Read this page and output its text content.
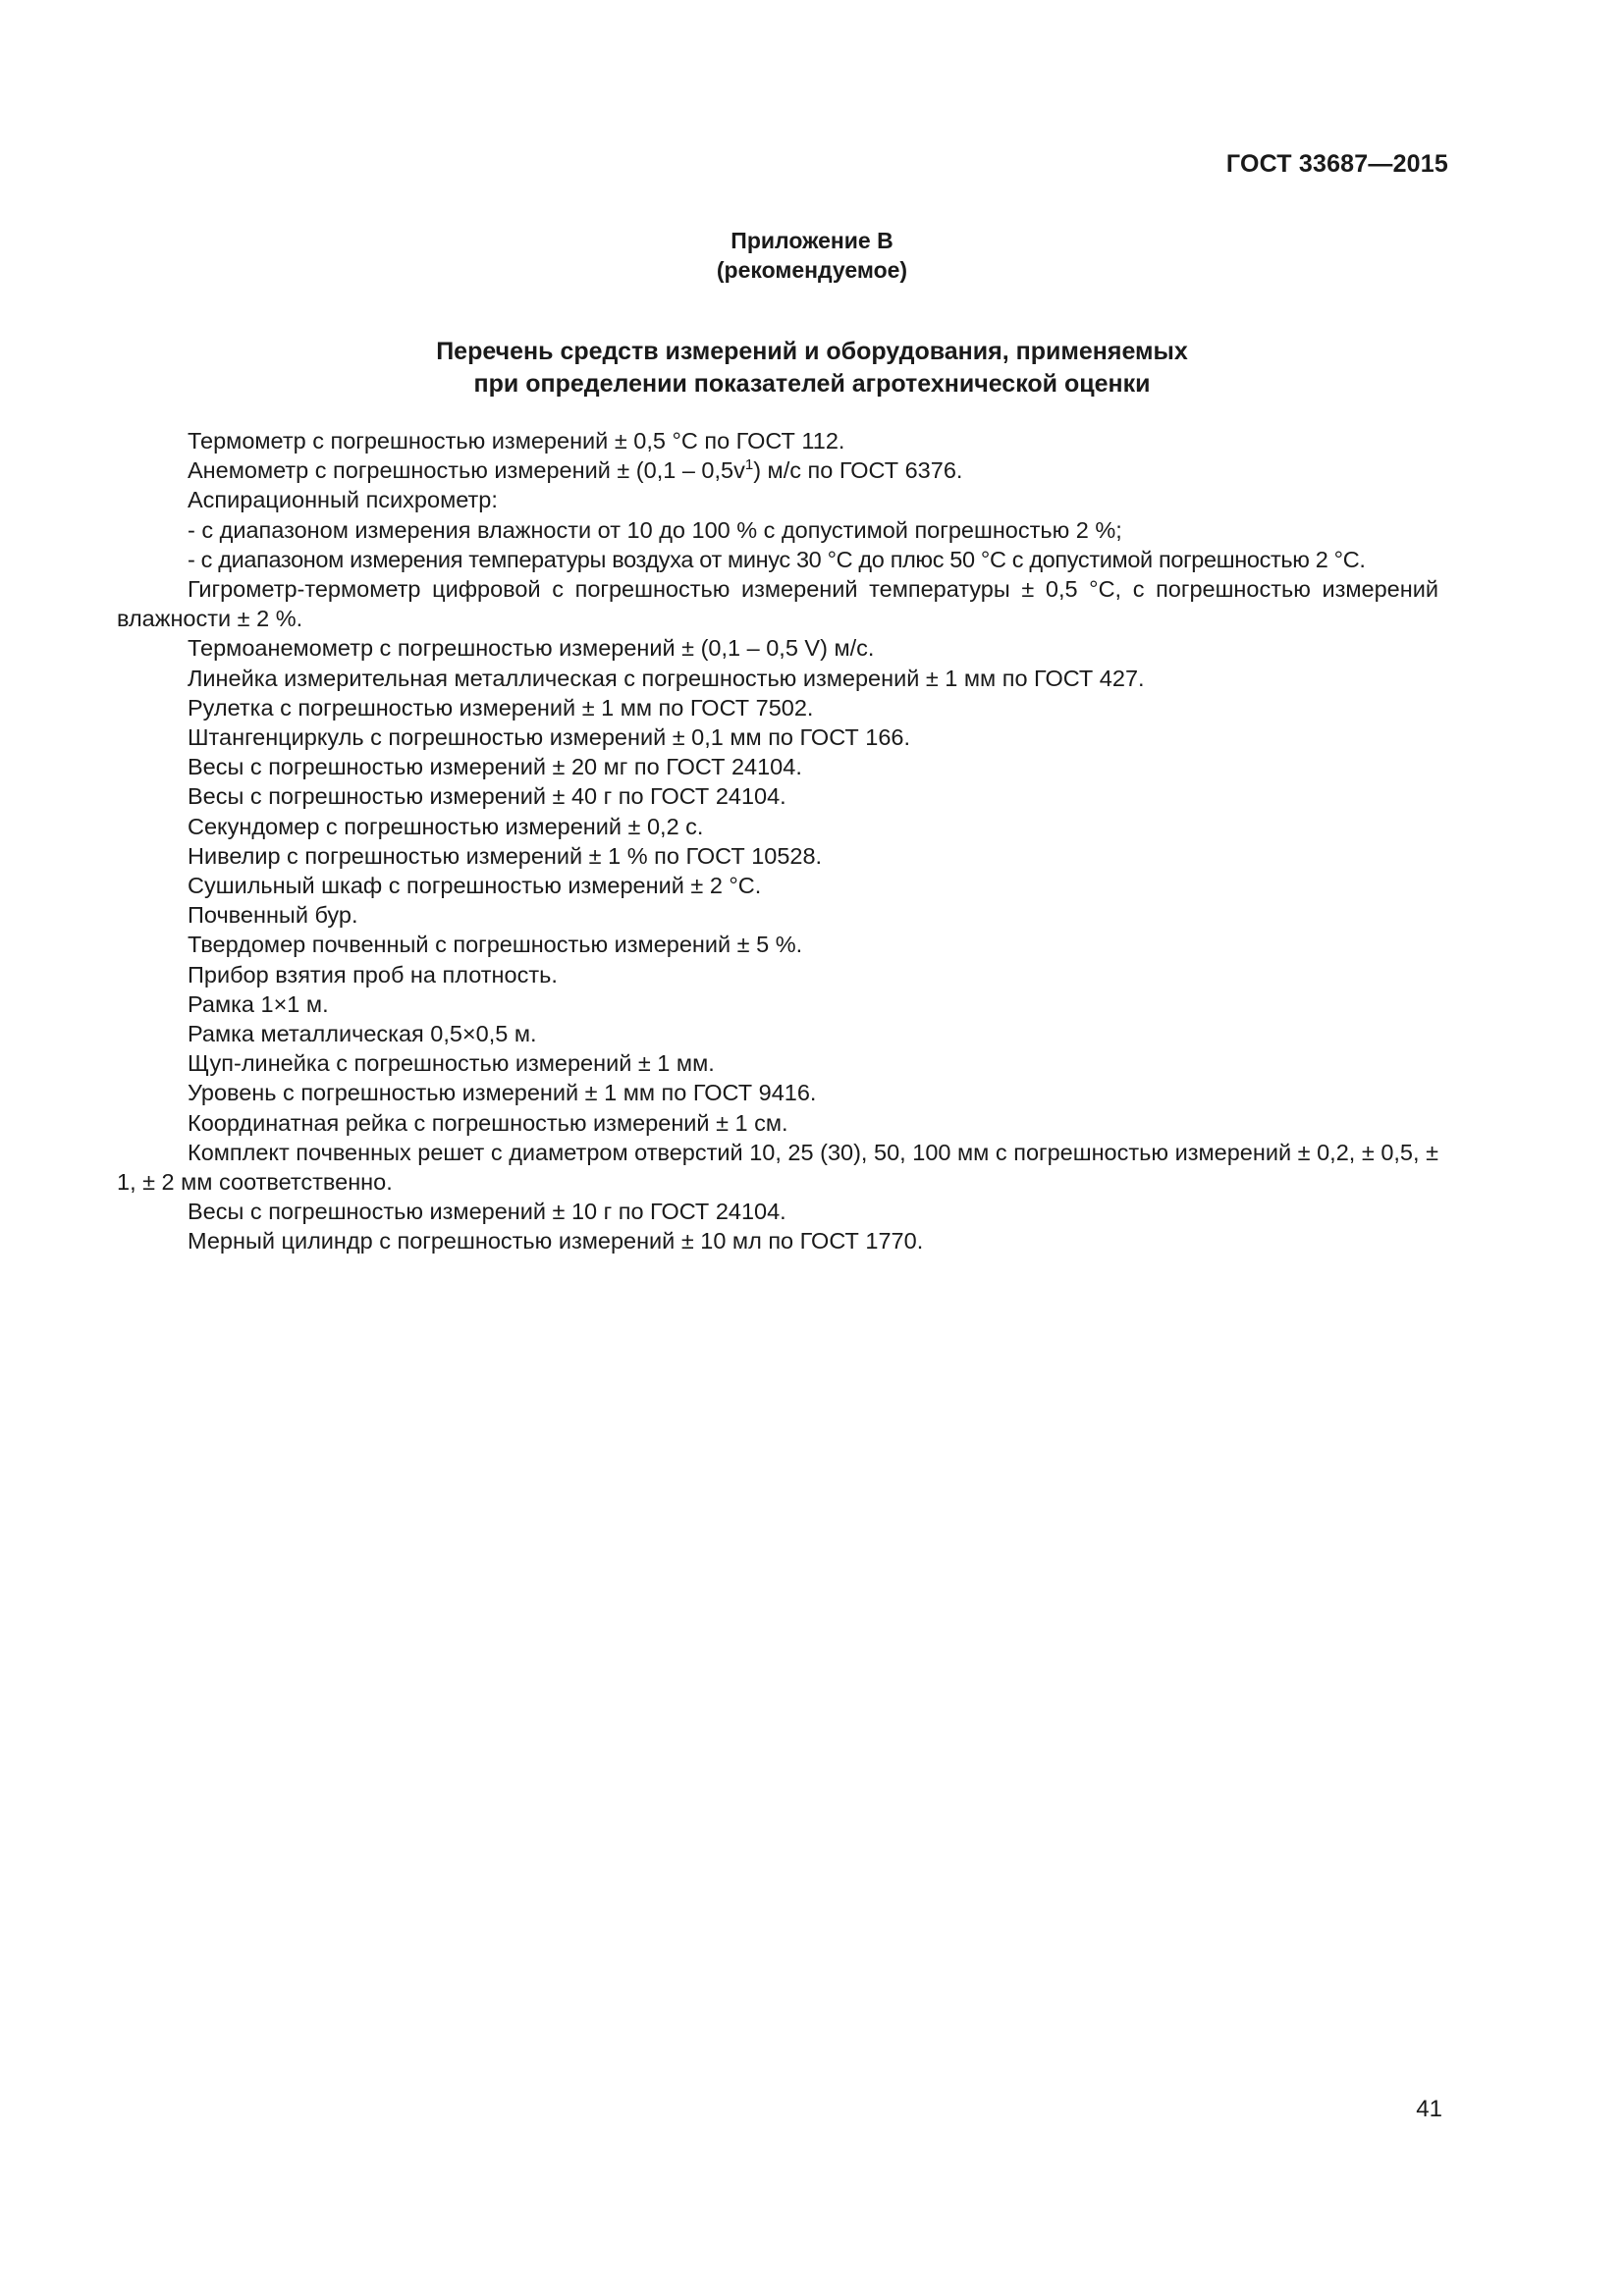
ГОСТ 33687—2015
Приложение В
(рекомендуемое)
Перечень средств измерений и оборудования, применяемых
при определении показателей агротехнической оценки

Термометр с погрешностью измерений ± 0,5 °С по ГОСТ 112.

Анемометр с погрешностью измерений ± $(0,1 - 0,5v^1)$ м/с по ГОСТ 6376.

Аспирационный психрометр:

- с диапазоном измерения влажности от 10 до 100 % с допустимой погрешностью 2 %;

- с диапазоном измерения температуры воздуха от минус 30 °С до плюс 50 °С с допустимой погрешностью 2 °С.

Гигрометр-термометр цифровой с погрешностью измерений температуры ± 0,5 °С, с погрешностью измерений влажности ± 2 %.

Термоанемометр с погрешностью измерений ± (0,1 – 0,5 V) м/с.

Линейка измерительная металлическая с погрешностью измерений ± 1 мм по ГОСТ 427.

Рулетка с погрешностью измерений ± 1 мм по ГОСТ 7502.

Штангенциркуль с погрешностью измерений ± 0,1 мм по ГОСТ 166.

Весы с погрешностью измерений ± 20 мг по ГОСТ 24104.

Весы с погрешностью измерений ± 40 г по ГОСТ 24104.

Секундомер с погрешностью измерений ± 0,2 с.

Нивелир с погрешностью измерений ± 1 % по ГОСТ 10528.

Сушильный шкаф с погрешностью измерений ± 2 °С.

Почвенный бур.

Твердомер почвенный с погрешностью измерений ± 5 %.

Прибор взятия проб на плотность.

Рамка 1×1 м.

Рамка металлическая 0,5×0,5 м.

Щуп-линейка с погрешностью измерений ± 1 мм.

Уровень с погрешностью измерений ± 1 мм по ГОСТ 9416.

Координатная рейка с погрешностью измерений ± 1 см.

Комплект почвенных решет с диаметром отверстий 10, 25 (30), 50, 100 мм с погрешностью измерений ± 0,2, ± 0,5, ± 1, ± 2 мм соответственно.

Весы с погрешностью измерений ± 10 г по ГОСТ 24104.

Мерный цилиндр с погрешностью измерений ± 10 мл по ГОСТ 1770.

41
